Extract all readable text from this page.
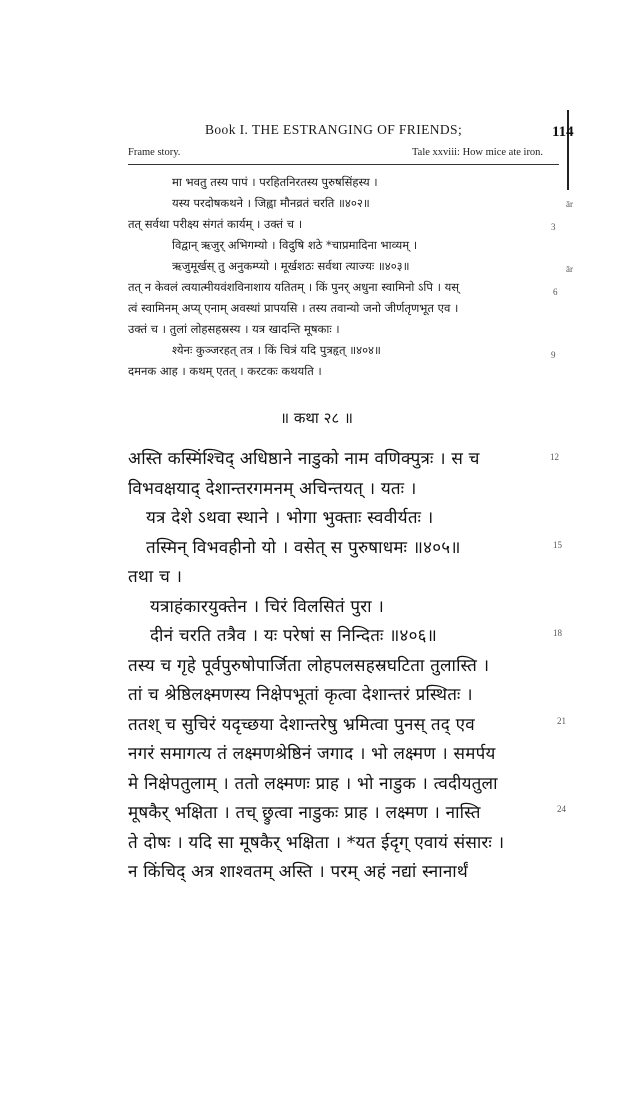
Book I. THE ESTRANGING OF FRIENDS;	114
Frame story.	Tale xxviii: How mice ate iron.
मा भवतु तस्य पापं । परहितनिरतस्य पुरुषसिंहस्य ।
यस्य परदोषकथने । जिह्वा मौनव्रतं चरति ॥४०२॥
तत् सर्वथा परीक्ष्य संगतं कार्यम् । उक्तं च ।
विद्वान् ऋजुर् अभिगम्यो । विदुषि शठे *चाप्रमादिना भाव्यम् ।
ऋजुमूर्खस् तु अनुकम्प्यो । मूर्खशठः सर्वथा त्याज्यः ॥४०३॥
तत् न केवलं त्वयात्मीयवंशविनाशाय यतितम् । किं पुनर् अधुना स्वामिनो ऽपि । यस्
त्वं स्वामिनम् अप्य् एनाम् अवस्थां प्रापयसि । तस्य तवान्यो जनो जीर्णतृणभूत एव ।
उक्तं च । तुलां लोहसहस्रस्य । यत्र खादन्ति मूषकाः ।
श्येनः कुञ्जरहत् तत्र । किं चित्रं यदि पुत्रहृत् ॥४०४॥
दमनक आह । कथम् एतत् । करटकः कथयति ।
ār
3
ār
6
9
॥ कथा २८ ॥
अस्ति कस्मिंश्चिद् अधिष्ठाने नाडुको नाम वणिक्पुत्रः । स च
विभवक्षयाद् देशान्तरगमनम् अचिन्तयत् । यतः ।
यत्र देशे ऽथवा स्थाने । भोगा भुक्ताः स्ववीर्यतः ।
तस्मिन् विभवहीनो यो । वसेत् स पुरुषाधमः ॥४०५॥
तथा च ।
यत्राहंकारयुक्तेन । चिरं विलसितं पुरा ।
दीनं चरति तत्रैव । यः परेषां स निन्दितः ॥४०६॥
तस्य च गृहे पूर्वपुरुषोपार्जिता लोहपलसहस्रघटिता तुलास्ति ।
तां च श्रेष्ठिलक्ष्मणस्य निक्षेपभूतां कृत्वा देशान्तरं प्रस्थितः ।
ततश् च सुचिरं यदृच्छया देशान्तरेषु भ्रमित्वा पुनस् तद् एव
नगरं समागत्य तं लक्ष्मणश्रेष्ठिनं जगाद । भो लक्ष्मण । समर्पय
मे निक्षेपतुलाम् । ततो लक्ष्मणः प्राह । भो नाडुक । त्वदीयतुला
मूषकैर् भक्षिता । तच् छ्रुत्वा नाडुकः प्राह । लक्ष्मण । नास्ति
ते दोषः । यदि सा मूषकैर् भक्षिता । *यत ईदृग् एवायं संसारः ।
न किंचिद् अत्र शाश्वतम् अस्ति । परम् अहं नद्यां स्नानार्थं
12
15
18
21
24
